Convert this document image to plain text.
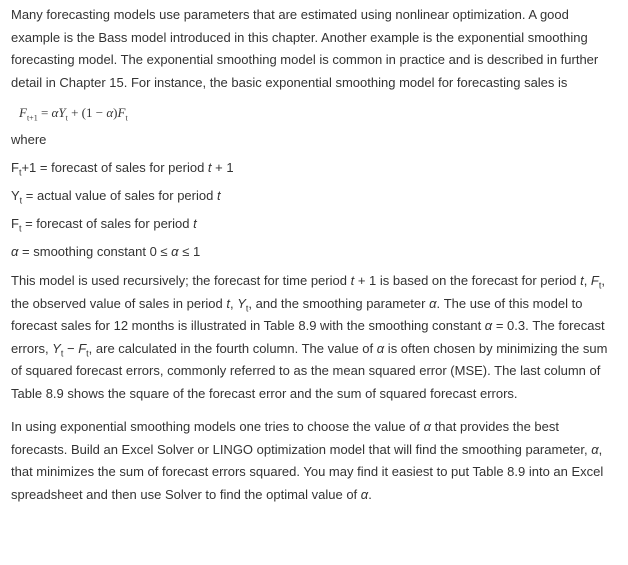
Many forecasting models use parameters that are estimated using nonlinear optimization. A good example is the Bass model introduced in this chapter. Another example is the exponential smoothing forecasting model. The exponential smoothing model is common in practice and is described in further detail in Chapter 15. For instance, the basic exponential smoothing model for forecasting sales is

$F_{t+1} = \alpha Y_t + (1 - \alpha)F_t$

where

$F_t+1$ = forecast of sales for period t + 1

$Y_t$ = actual value of sales for period t

$F_t$ = forecast of sales for period t

α = smoothing constant 0 ≤ α ≤ 1

This model is used recursively; the forecast for time period t + 1 is based on the forecast for period t, $F_t$, the observed value of sales in period t, $Y_t$, and the smoothing parameter α. The use of this model to forecast sales for 12 months is illustrated in Table 8.9 with the smoothing constant α = 0.3. The forecast errors, $Y_t - F_t$, are calculated in the fourth column. The value of α is often chosen by minimizing the sum of squared forecast errors, commonly referred to as the mean squared error (MSE). The last column of Table 8.9 shows the square of the forecast error and the sum of squared forecast errors.

In using exponential smoothing models one tries to choose the value of α that provides the best forecasts. Build an Excel Solver or LINGO optimization model that will find the smoothing parameter, α, that minimizes the sum of forecast errors squared. You may find it easiest to put Table 8.9 into an Excel spreadsheet and then use Solver to find the optimal value of α.
